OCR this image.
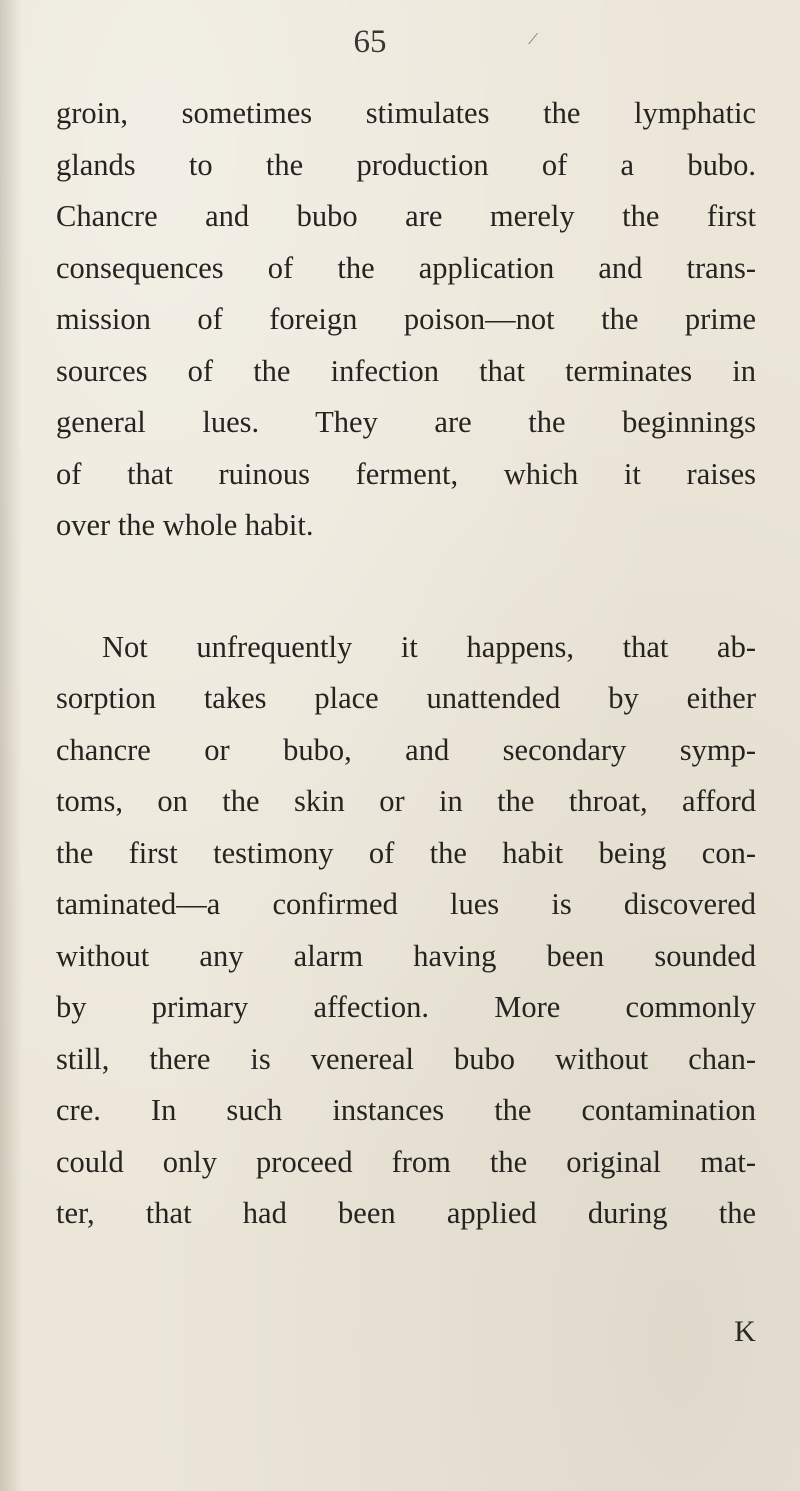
65	/
groin, sometimes stimulates the lymphatic
glands to the production of a bubo.
Chancre and bubo are merely the first
consequences of the application and trans-
mission of foreign poison—not the prime
sources of the infection that terminates in
general lues. They are the beginnings
of that ruinous ferment, which it raises
over the whole habit.
Not unfrequently it happens, that ab-
sorption takes place unattended by either
chancre or bubo, and secondary symp-
toms, on the skin or in the throat, afford
the first testimony of the habit being con-
taminated—a confirmed lues is discovered
without any alarm having been sounded
by primary affection. More commonly
still, there is venereal bubo without chan-
cre. In such instances the contamination
could only proceed from the original mat-
ter, that had been applied during the
K
